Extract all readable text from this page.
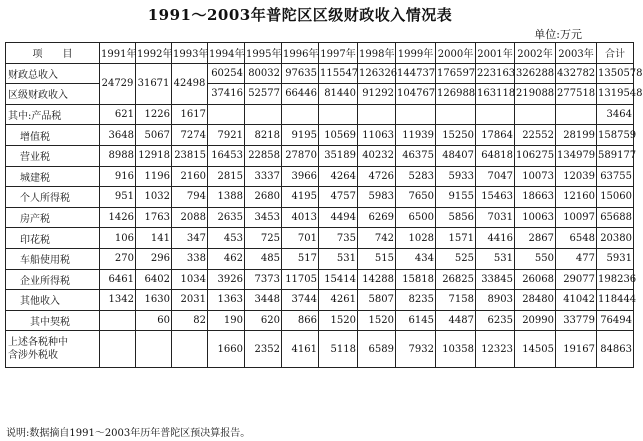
1991～2003年普陀区区级财政收入情况表
单位:万元
项　　目	1991年	1992年	1993年	1994年	1995年	1996年	1997年	1998年	1999年	2000年	2001年	2002年	2003年	合计	
财政总收入	24729	31671	42498	60254	80032	97635	115547	126326	144737	176597	223163	326288	432782	1350578	
区级财政收入				37416	52577	66446	81440	91292	104767	126988	163118	219088	277518	1319548	
其中:产品税	621	1226	1617											3464	
增值税	3648	5067	7274	7921	8218	9195	10569	11063	11939	15250	17864	22552	28199	158759	
营业税	8988	12918	23815	16453	22858	27870	35189	40232	46375	48407	64818	106275	134979	589177	
城建税	916	1196	2160	2815	3337	3966	4264	4726	5283	5933	7047	10073	12039	63755	
个人所得税	951	1032	794	1388	2680	4195	4757	5983	7650	9155	15463	18663	12160	15060	
房产税	1426	1763	2088	2635	3453	4013	4494	6269	6500	5856	7031	10063	10097	65688	
印花税	106	141	347	453	725	701	735	742	1028	1571	4416	2867	6548	20380	
车船使用税	270	296	338	462	485	517	531	515	434	525	531	550	477	5931	
企业所得税	6461	6402	1034	3926	7373	11705	15414	14288	15818	26825	33845	26068	29077	198236	
其他收入	1342	1630	2031	1363	3448	3744	4261	5807	8235	7158	8903	28480	41042	118444	
其中契税		60	82	190	620	866	1520	1520	6145	4487	6235	20990	33779	76494	
上述各税种中
含涉外税收				1660	2352	4161	5118	6589	7932	10358	12323	14505	19167	84863	
说明:数据摘自1991～2003年历年普陀区预决算报告。
